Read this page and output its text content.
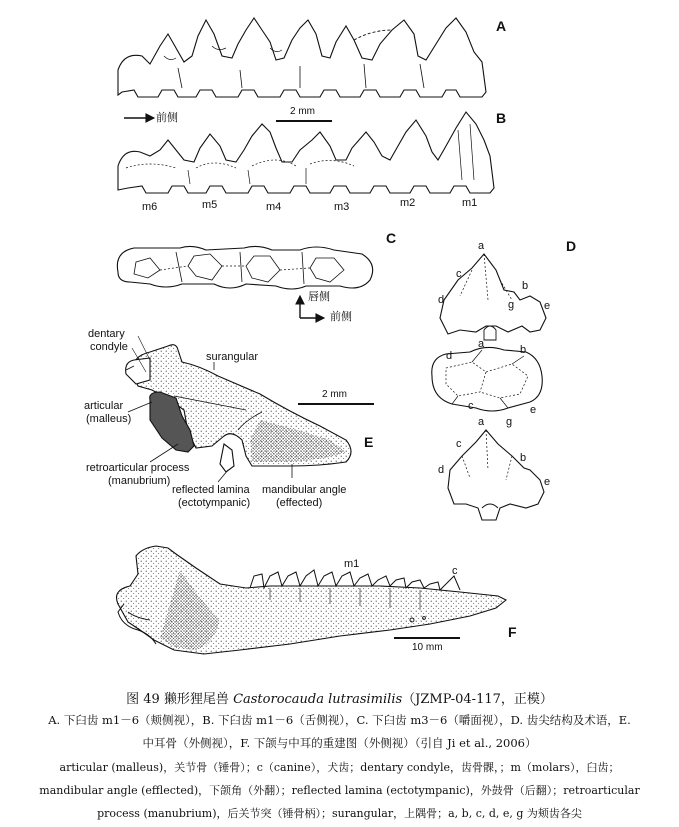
A
B
C	D
E
F
前侧
2 mm
m6	m5	m4	m3	m2	m1
唇侧
前侧
a
b
c
d	e
g
a	b
c
d
e
g
a
b
c
d
e
dentary
condyle
surangular
articular
(malleus)
2 mm
retroarticular process
(manubrium)
reflected lamina
(ectotympanic)
mandibular angle
(effected)
m1
c
10 mm
图 49 獭形狸尾兽 Castorocauda lutrasimilis（JZMP-04-117，正模）
A. 下臼齿 m1－6（颊侧视），B. 下臼齿 m1－6（舌侧视），C. 下臼齿 m3－6（嚼面视），D. 齿尖结构及术语，E.
中耳骨（外侧视），F. 下颌与中耳的重建图（外侧视）（引自 Ji et al., 2006）
articular (malleus)，关节骨（锤骨）；c（canine），犬齿；dentary condyle，齿骨髁，；m（molars），臼齿；
mandibular angle (efflected)，下颌角（外翻）；reflected lamina (ectotympanic)，外鼓骨（后翻）；retroarticular
process (manubrium)，后关节突（锤骨柄）；surangular，上隅骨；a, b, c, d, e, g 为颊齿各尖
